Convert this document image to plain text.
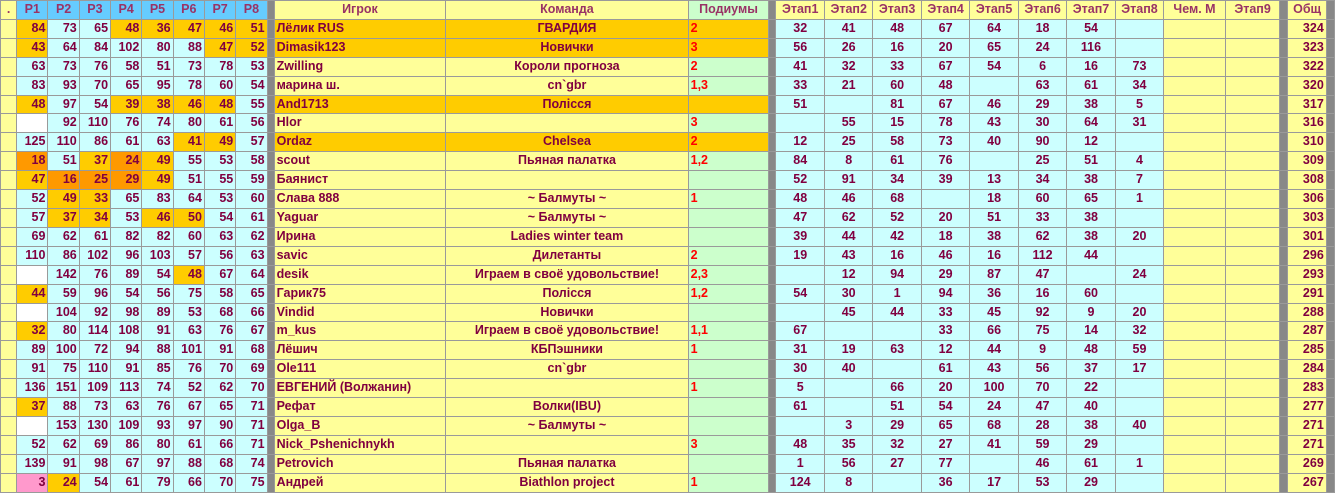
.	P1	P2	P3	P4	P5	P6	P7	P8		Игрок	Команда	Подиумы		Этап1	Этап2	Этап3	Этап4	Этап5	Этап6	Этап7	Этап8	Чем. М	Этап9		Общ	
	84	73	65	48	36	47	46	51		Лёлик RUS	ГВАРДИЯ	2		32	41	48	67	64	18	54					324	
	43	64	84	102	80	88	47	52		Dimasik123	Новички	3		56	26	16	20	65	24	116					323	
	63	73	76	58	51	73	78	53		Zwilling	Короли прогноза	2		41	32	33	67	54	6	16	73				322	
	83	93	70	65	95	78	60	54		марина ш.	cn`gbr	1,3		33	21	60	48		63	61	34				320	
	48	97	54	39	38	46	48	55		And1713	Полісся			51		81	67	46	29	38	5				317	
		92	110	76	74	80	61	56		Hlor		3			55	15	78	43	30	64	31				316	
	125	110	86	61	63	41	49	57		Ordaz	Chelsea	2		12	25	58	73	40	90	12					310	
	18	51	37	24	49	55	53	58		scout	Пьяная палатка	1,2		84	8	61	76		25	51	4				309	
	47	16	25	29	49	51	55	59		Баянист				52	91	34	39	13	34	38	7				308	
	52	49	33	65	83	64	53	60		Слава 888	~ Балмуты ~	1		48	46	68		18	60	65	1				306	
	57	37	34	53	46	50	54	61		Yaguar	~ Балмуты ~			47	62	52	20	51	33	38					303	
	69	62	61	82	82	60	63	62		Ирина	Ladies winter team			39	44	42	18	38	62	38	20				301	
	110	86	102	96	103	57	56	63		savic	Дилетанты	2		19	43	16	46	16	112	44					296	
		142	76	89	54	48	67	64		desik	Играем в своё удовольствие!	2,3			12	94	29	87	47		24				293	
	44	59	96	54	56	75	58	65		Гарик75	Полісся	1,2		54	30	1	94	36	16	60					291	
		104	92	98	89	53	68	66		Vindid	Новички				45	44	33	45	92	9	20				288	
	32	80	114	108	91	63	76	67		m_kus	Играем в своё удовольствие!	1,1		67			33	66	75	14	32				287	
	89	100	72	94	88	101	91	68		Лёшич	КБПэшники	1		31	19	63	12	44	9	48	59				285	
	91	75	110	91	85	76	70	69		Ole111	cn`gbr			30	40		61	43	56	37	17				284	
	136	151	109	113	74	52	62	70		ЕВГЕНИЙ (Волжанин)		1		5		66	20	100	70	22					283	
	37	88	73	63	76	67	65	71		Рефат	Волки(IBU)			61		51	54	24	47	40					277	
		153	130	109	93	97	90	71		Olga_B	~ Балмуты ~				3	29	65	68	28	38	40				271	
	52	62	69	86	80	61	66	71		Nick_Pshenichnykh		3		48	35	32	27	41	59	29					271	
	139	91	98	67	97	88	68	74		Petrovich	Пьяная палатка			1	56	27	77		46	61	1				269	
	3	24	54	61	79	66	70	75		Андрей	Biathlon project	1		124	8		36	17	53	29					267	
